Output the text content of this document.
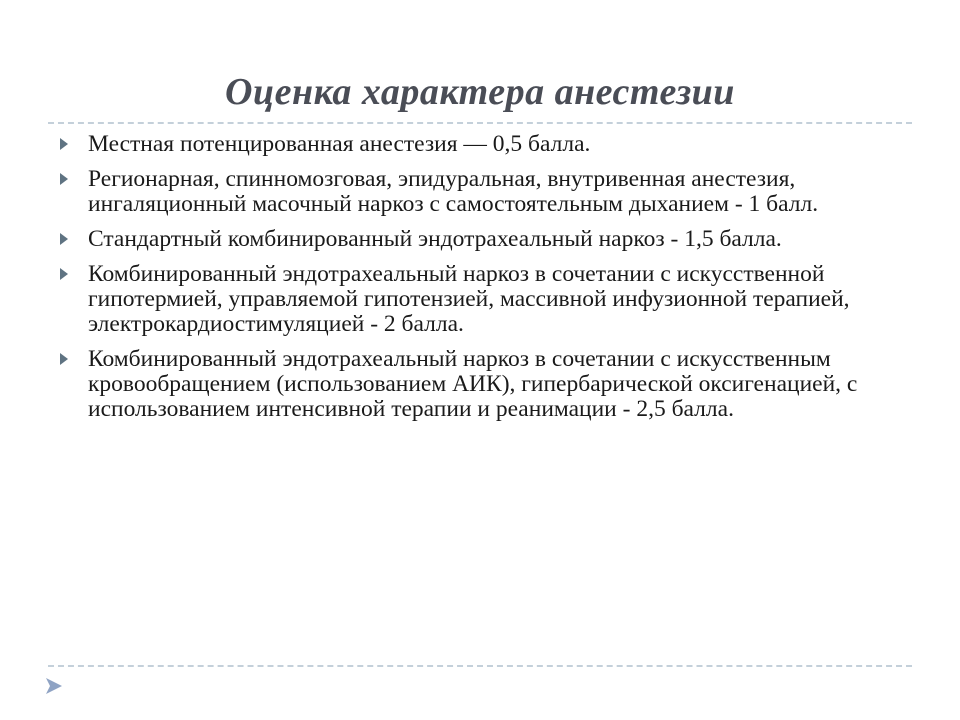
Оценка характера анестезии
Местная потенцированная анестезия — 0,5 балла.
Регионарная, спинномозговая, эпидуральная, внутривенная анестезия, ингаляционный масочный наркоз с самостоятельным дыханием - 1 балл.
Стандартный комбинированный эндотрахеальный наркоз - 1,5 балла.
Комбинированный эндотрахеальный наркоз в сочетании с искусственной гипотермией, управляемой гипотензией, массивной инфузионной терапией, электрокардиостимуляцией - 2 балла.
Комбинированный эндотрахеальный наркоз в сочетании с искусственным кровообращением (использованием АИК), гипербарической оксигенацией, с использованием интенсивной терапии и реанимации - 2,5 балла.
